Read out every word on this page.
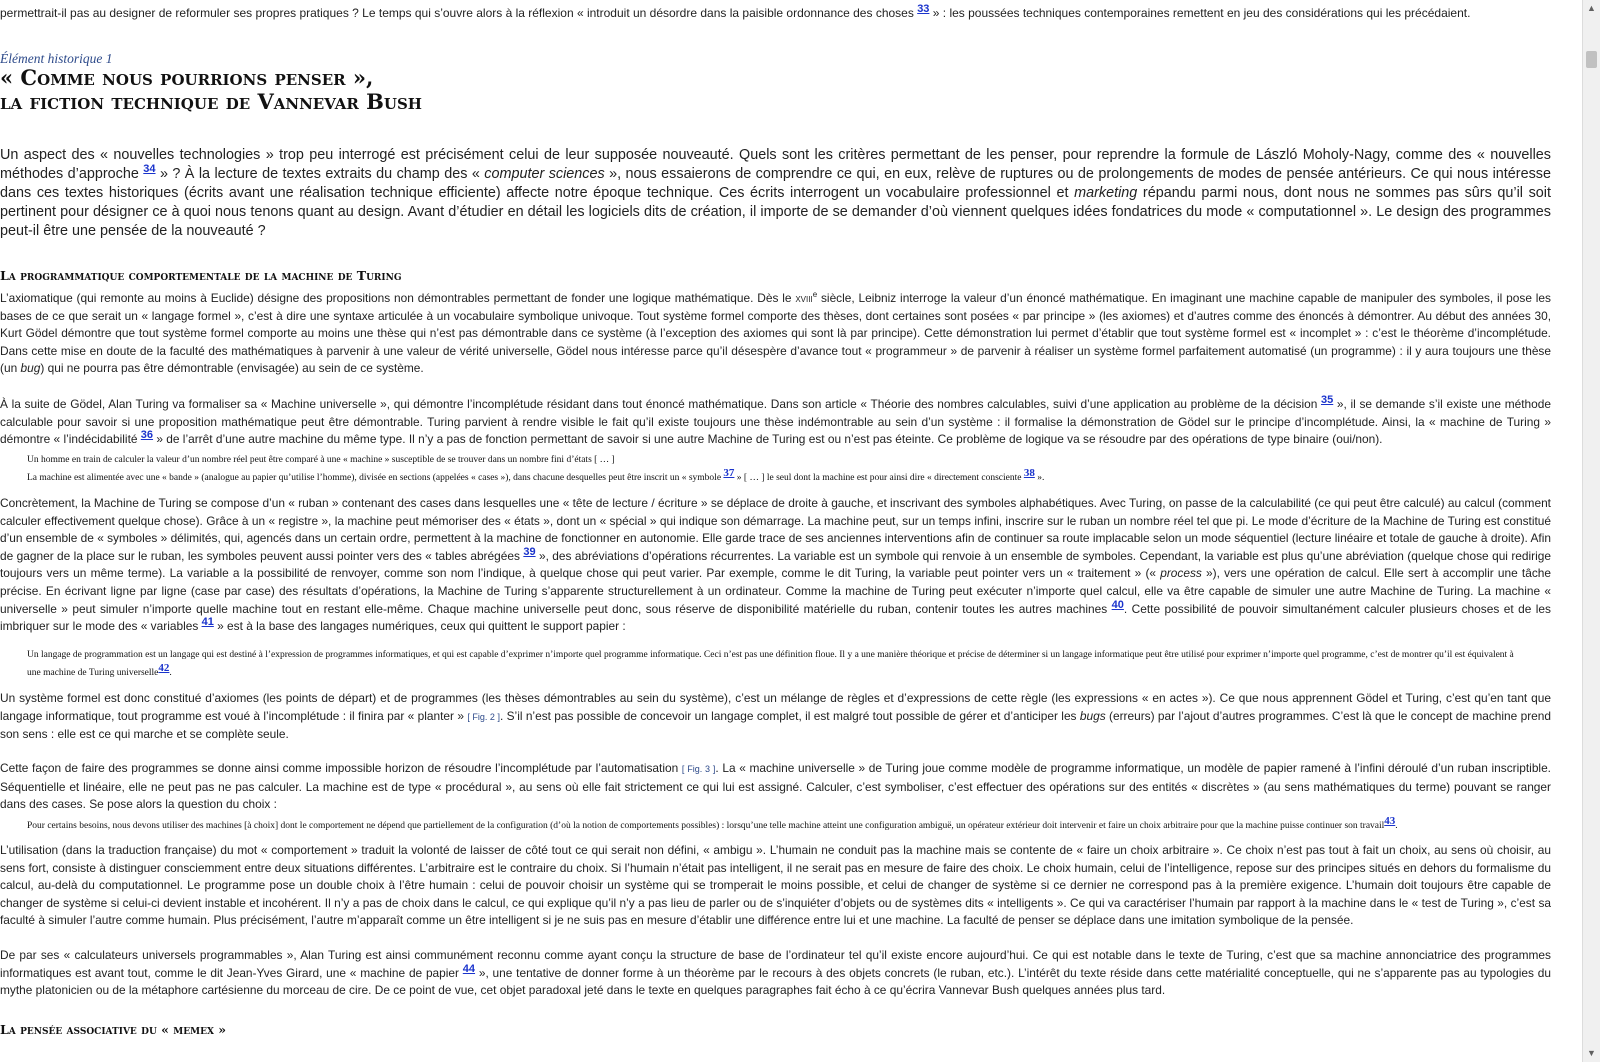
permettrait-il pas au designer de reformuler ses propres pratiques ? Le temps qui s’ouvre alors à la réflexion « introduit un désordre dans la paisible ordonnance des choses $^{33}$ » : les poussées techniques contemporaines remettent en jeu des considérations qui les précédaient.

Élément historique 1
« Comme nous pourrions penser »,
la fiction technique de Vannevar Bush

Un aspect des « nouvelles technologies » trop peu interrogé est précisément celui de leur supposée nouveauté. Quels sont les critères permettant de les penser, pour reprendre la formule de László Moholy-Nagy, comme des « nouvelles méthodes d’approche $^{34}$ » ? À la lecture de textes extraits du champ des « computer sciences », nous essaierons de comprendre ce qui, en eux, relève de ruptures ou de prolongements de modes de pensée antérieurs. Ce qui nous intéresse dans ces textes historiques (écrits avant une réalisation technique efficiente) affecte notre époque technique. Ces écrits interrogent un vocabulaire professionnel et marketing répandu parmi nous, dont nous ne sommes pas sûrs qu’il soit pertinent pour désigner ce à quoi nous tenons quant au design. Avant d’étudier en détail les logiciels dits de création, il importe de se demander d’où viennent quelques idées fondatrices du mode « computationnel ». Le design des programmes peut-il être une pensée de la nouveauté ?

La programmatique comportementale de la machine de Turing

L’axiomatique (qui remonte au moins à Euclide) désigne des propositions non démontrables permettant de fonder une logique mathématique. Dès le xviii$^e$ siècle, Leibniz interroge la valeur d’un énoncé mathématique. En imaginant une machine capable de manipuler des symboles, il pose les bases de ce que serait un « langage formel », c’est à dire une syntaxe articulée à un vocabulaire symbolique univoque. Tout système formel comporte des thèses, dont certaines sont posées « par principe » (les axiomes) et d’autres comme des énoncés à démontrer. Au début des années 30, Kurt Gödel démontre que tout système formel comporte au moins une thèse qui n’est pas démontrable dans ce système (à l’exception des axiomes qui sont là par principe). Cette démonstration lui permet d’établir que tout système formel est « incomplet » : c’est le théorème d’incomplétude. Dans cette mise en doute de la faculté des mathématiques à parvenir à une valeur de vérité universelle, Gödel nous intéresse parce qu’il désespère d’avance tout « programmeur » de parvenir à réaliser un système formel parfaitement automatisé (un programme) : il y aura toujours une thèse (un bug) qui ne pourra pas être démontrable (envisagée) au sein de ce système.

À la suite de Gödel, Alan Turing va formaliser sa « Machine universelle », qui démontre l’incomplétude résidant dans tout énoncé mathématique. Dans son article « Théorie des nombres calculables, suivi d’une application au problème de la décision $^{35}$ », il se demande s’il existe une méthode calculable pour savoir si une proposition mathématique peut être démontrable. Turing parvient à rendre visible le fait qu’il existe toujours une thèse indémontrable au sein d’un système : il formalise la démonstration de Gödel sur le principe d’incomplétude. Ainsi, la « machine de Turing » démontre « l’indécidabilité $^{36}$ » de l’arrêt d’une autre machine du même type. Il n’y a pas de fonction permettant de savoir si une autre Machine de Turing est ou n’est pas éteinte. Ce problème de logique va se résoudre par des opérations de type binaire (oui/non).

Un homme en train de calculer la valeur d’un nombre réel peut être comparé à une « machine » susceptible de se trouver dans un nombre fini d’états [ … ]
La machine est alimentée avec une « bande » (analogue au papier qu’utilise l’homme), divisée en sections (appelées « cases »), dans chacune desquelles peut être inscrit un « symbole $^{37}$ » [ … ] le seul dont la machine est pour ainsi dire « directement consciente $^{38}$ ».

Concrètement, la Machine de Turing se compose d’un « ruban » contenant des cases dans lesquelles une « tête de lecture / écriture » se déplace de droite à gauche, et inscrivant des symboles alphabétiques. Avec Turing, on passe de la calculabilité (ce qui peut être calculé) au calcul (comment calculer effectivement quelque chose). Grâce à un « registre », la machine peut mémoriser des « états », dont un « spécial » qui indique son démarrage. La machine peut, sur un temps infini, inscrire sur le ruban un nombre réel tel que pi. Le mode d’écriture de la Machine de Turing est constitué d’un ensemble de « symboles » délimités, qui, agencés dans un certain ordre, permettent à la machine de fonctionner en autonomie. Elle garde trace de ses anciennes interventions afin de continuer sa route implacable selon un mode séquentiel (lecture linéaire et totale de gauche à droite). Afin de gagner de la place sur le ruban, les symboles peuvent aussi pointer vers des « tables abrégées $^{39}$ », des abréviations d’opérations récurrentes. La variable est un symbole qui renvoie à un ensemble de symboles. Cependant, la variable est plus qu’une abréviation (quelque chose qui redirige toujours vers un même terme). La variable a la possibilité de renvoyer, comme son nom l’indique, à quelque chose qui peut varier. Par exemple, comme le dit Turing, la variable peut pointer vers un « traitement » (« process »), vers une opération de calcul. Elle sert à accomplir une tâche précise. En écrivant ligne par ligne (case par case) des résultats d’opérations, la Machine de Turing s’apparente structurellement à un ordinateur. Comme la machine de Turing peut exécuter n’importe quel calcul, elle va être capable de simuler une autre Machine de Turing. La machine « universelle » peut simuler n’importe quelle machine tout en restant elle-même. Chaque machine universelle peut donc, sous réserve de disponibilité matérielle du ruban, contenir toutes les autres machines $^{40}$. Cette possibilité de pouvoir simultanément calculer plusieurs choses et de les imbriquer sur le mode des « variables $^{41}$ » est à la base des langages numériques, ceux qui quittent le support papier :

Un langage de programmation est un langage qui est destiné à l’expression de programmes informatiques, et qui est capable d’exprimer n’importe quel programme informatique. Ceci n’est pas une définition floue. Il y a une manière théorique et précise de déterminer si un langage informatique peut être utilisé pour exprimer n’importe quel programme, c’est de montrer qu’il est équivalent à une machine de Turing universelle$^{42}$.

Un système formel est donc constitué d’axiomes (les points de départ) et de programmes (les thèses démontrables au sein du système), c’est un mélange de règles et d’expressions de cette règle (les expressions « en actes »). Ce que nous apprennent Gödel et Turing, c’est qu’en tant que langage informatique, tout programme est voué à l’incomplétude : il finira par « planter » [ Fig. 2 ]. S’il n’est pas possible de concevoir un langage complet, il est malgré tout possible de gérer et d’anticiper les bugs (erreurs) par l’ajout d’autres programmes. C’est là que le concept de machine prend son sens : elle est ce qui marche et se complète seule.

Cette façon de faire des programmes se donne ainsi comme impossible horizon de résoudre l’incomplétude par l’automatisation [ Fig. 3 ]. La « machine universelle » de Turing joue comme modèle de programme informatique, un modèle de papier ramené à l’infini déroulé d’un ruban inscriptible. Séquentielle et linéaire, elle ne peut pas ne pas calculer. La machine est de type « procédural », au sens où elle fait strictement ce qui lui est assigné. Calculer, c’est symboliser, c’est effectuer des opérations sur des entités « discrètes » (au sens mathématiques du terme) pouvant se ranger dans des cases. Se pose alors la question du choix :

Pour certains besoins, nous devons utiliser des machines [à choix] dont le comportement ne dépend que partiellement de la configuration (d’où la notion de comportements possibles) : lorsqu’une telle machine atteint une configuration ambiguë, un opérateur extérieur doit intervenir et faire un choix arbitraire pour que la machine puisse continuer son travail$^{43}$.

L’utilisation (dans la traduction française) du mot « comportement » traduit la volonté de laisser de côté tout ce qui serait non défini, « ambigu ». L’humain ne conduit pas la machine mais se contente de « faire un choix arbitraire ». Ce choix n’est pas tout à fait un choix, au sens où choisir, au sens fort, consiste à distinguer consciemment entre deux situations différentes. L’arbitraire est le contraire du choix. Si l’humain n’était pas intelligent, il ne serait pas en mesure de faire des choix. Le choix humain, celui de l’intelligence, repose sur des principes situés en dehors du formalisme du calcul, au-delà du computationnel. Le programme pose un double choix à l’être humain : celui de pouvoir choisir un système qui se tromperait le moins possible, et celui de changer de système si ce dernier ne correspond pas à la première exigence. L’humain doit toujours être capable de changer de système si celui-ci devient instable et incohérent. Il n’y a pas de choix dans le calcul, ce qui explique qu’il n’y a pas lieu de parler ou de s’inquiéter d’objets ou de systèmes dits « intelligents ». Ce qui va caractériser l’humain par rapport à la machine dans le « test de Turing », c’est sa faculté à simuler l’autre comme humain. Plus précisément, l’autre m’apparaît comme un être intelligent si je ne suis pas en mesure d’établir une différence entre lui et une machine. La faculté de penser se déplace dans une imitation symbolique de la pensée.

De par ses « calculateurs universels programmables », Alan Turing est ainsi communément reconnu comme ayant conçu la structure de base de l’ordinateur tel qu’il existe encore aujourd’hui. Ce qui est notable dans le texte de Turing, c’est que sa machine annonciatrice des programmes informatiques est avant tout, comme le dit Jean-Yves Girard, une « machine de papier $^{44}$ », une tentative de donner forme à un théorème par le recours à des objets concrets (le ruban, etc.). L’intérêt du texte réside dans cette matérialité conceptuelle, qui ne s’apparente pas au typologies du mythe platonicien ou de la métaphore cartésienne du morceau de cire. De ce point de vue, cet objet paradoxal jeté dans le texte en quelques paragraphes fait écho à ce qu’écrira Vannevar Bush quelques années plus tard.

La pensée associative du « memex »
▲
▼
